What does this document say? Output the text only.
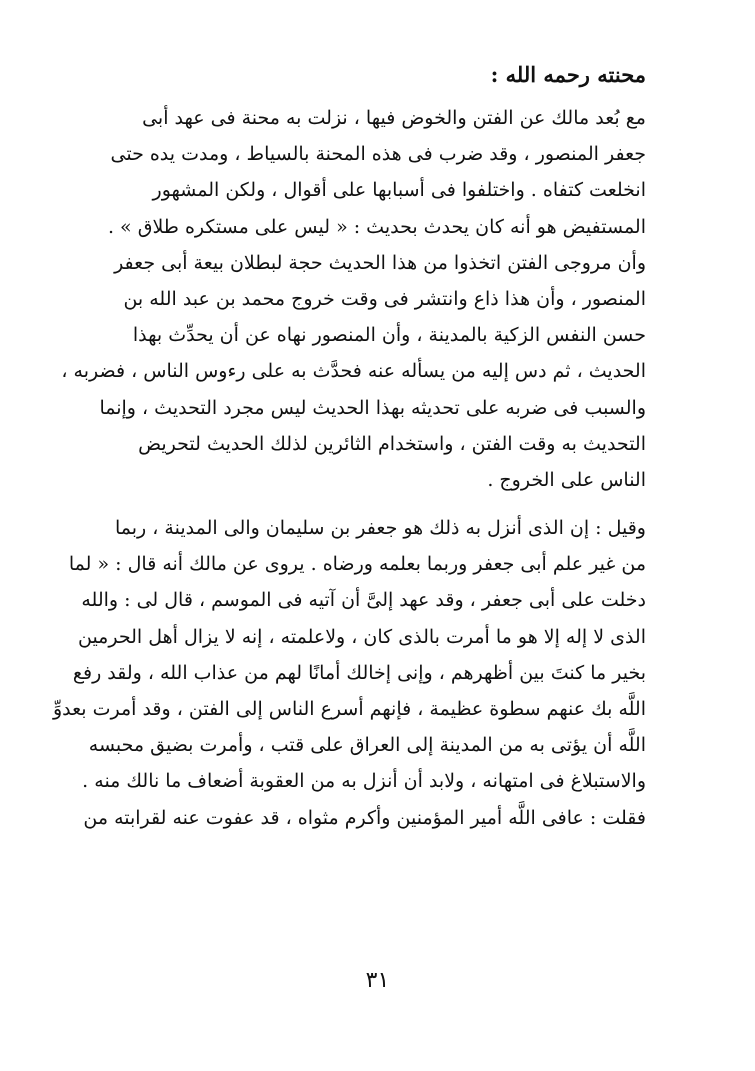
محنته رحمه الله :
مع بُعد مالك عن الفتن والخوض فيها ، نزلت به محنة فى عهد أبى
جعفر المنصور ، وقد ضرب فى هذه المحنة بالسياط ، ومدت يده حتى
انخلعت كتفاه . واختلفوا فى أسبابها على أقوال ، ولكن المشهور
المستفيض هو أنه كان يحدث بحديث : « ليس على مستكره طلاق » .
وأن مروجى الفتن اتخذوا من هذا الحديث حجة لبطلان بيعة أبى جعفر
المنصور ، وأن هذا ذاع وانتشر فى وقت خروج محمد بن عبد الله بن
حسن النفس الزكية بالمدينة ، وأن المنصور نهاه عن أن يحدِّث بهذا
الحديث ، ثم دس إليه من يسأله عنه فحدَّث به على رءوس الناس ، فضربه ،
والسبب فى ضربه على تحديثه بهذا الحديث ليس مجرد التحديث ، وإنما
التحديث به وقت الفتن ، واستخدام الثائرين لذلك الحديث لتحريض
الناس على الخروج .
وقيل : إن الذى أنزل به ذلك هو جعفر بن سليمان والى المدينة ، ربما
من غير علم أبى جعفر وربما بعلمه ورضاه . يروى عن مالك أنه قال : « لما
دخلت على أبى جعفر ، وقد عهد إلىَّ أن آتيه فى الموسم ، قال لى : والله
الذى لا إله إلا هو ما أمرت بالذى كان ، ولاعلمته ، إنه لا يزال أهل الحرمين
بخير ما كنتَ بين أظهرهم ، وإنى إخالك أمانًا لهم من عذاب الله ، ولقد رفع
اللَّه بك عنهم سطوة عظيمة ، فإنهم أسرع الناس إلى الفتن ، وقد أمرت بعدوِّ
اللَّه أن يؤتى به من المدينة إلى العراق على قتب ، وأمرت بضيق محبسه
والاستبلاغ فى امتهانه ، ولابد أن أنزل به من العقوبة أضعاف ما نالك منه .
فقلت : عافى اللَّه أمير المؤمنين وأكرم مثواه ، قد عفوت عنه لقرابته من
٣١
